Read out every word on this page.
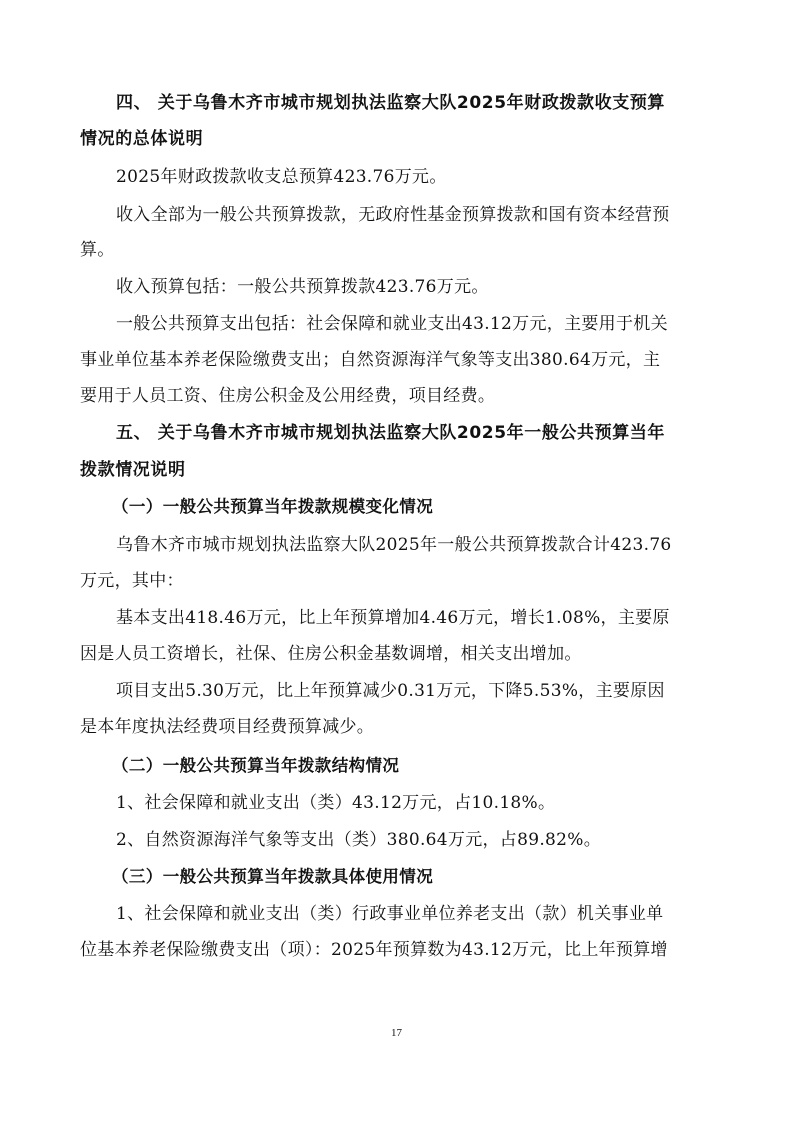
四、 关于乌鲁木齐市城市规划执法监察大队2025年财政拨款收支预算
情况的总体说明
2025年财政拨款收支总预算423.76万元。
收入全部为一般公共预算拨款，无政府性基金预算拨款和国有资本经营预
算。
收入预算包括：一般公共预算拨款423.76万元。
一般公共预算支出包括：社会保障和就业支出43.12万元，主要用于机关
事业单位基本养老保险缴费支出；自然资源海洋气象等支出380.64万元，主
要用于人员工资、住房公积金及公用经费，项目经费。
五、 关于乌鲁木齐市城市规划执法监察大队2025年一般公共预算当年
拨款情况说明
（一）一般公共预算当年拨款规模变化情况
乌鲁木齐市城市规划执法监察大队2025年一般公共预算拨款合计423.76
万元，其中：
基本支出418.46万元，比上年预算增加4.46万元，增长1.08%，主要原
因是人员工资增长，社保、住房公积金基数调增，相关支出增加。
项目支出5.30万元，比上年预算减少0.31万元，下降5.53%，主要原因
是本年度执法经费项目经费预算减少。
（二）一般公共预算当年拨款结构情况
1、社会保障和就业支出（类）43.12万元，占10.18%。
2、自然资源海洋气象等支出（类）380.64万元，占89.82%。
（三）一般公共预算当年拨款具体使用情况
1、社会保障和就业支出（类）行政事业单位养老支出（款）机关事业单
位基本养老保险缴费支出（项）：2025年预算数为43.12万元，比上年预算增
17
